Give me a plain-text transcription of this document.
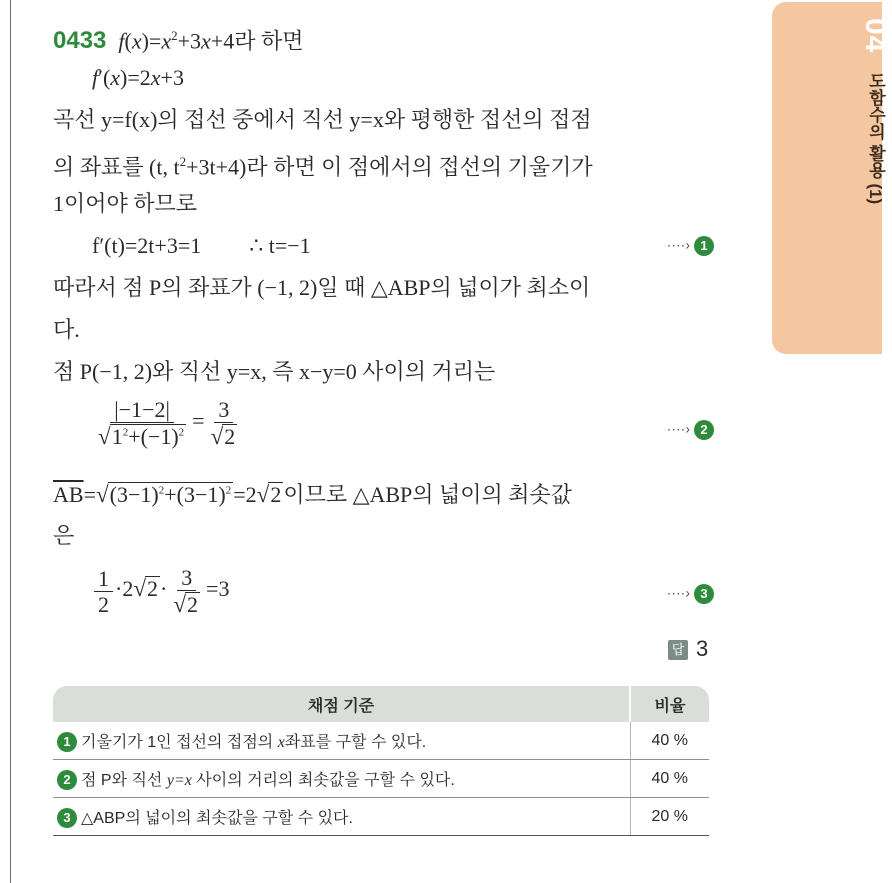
04 도함수의 활용 (1)
0433 $f(x)=x^2+3x+4$라 하면
f′(x)=2x+3
곡선 y=f(x)의 접선 중에서 직선 y=x와 평행한 접선의 접점
의 좌표를 (t, $t^2+3t+4$)라 하면 이 점에서의 접선의 기울기가
1이어야 하므로
f′(t)=2t+3=1 ∴ t=−1	····› 1
따라서 점 P의 좌표가 (−1, 2)일 때 △ABP의 넓이가 최소이
다.
점 P(−1, 2)와 직선 y=x, 즉 x−y=0 사이의 거리는
$\frac{|-1-2|}{√1^2+(-1)^2} = \frac{3}{√2}$	····› 2
$\overline{AB}=√(3-1)^2+(3-1)^2=2√2$이므로 △ABP의 넓이의 최솟값
은
$\frac{1}{2} \cdot 2√2\cdot \frac{3}{√2} =3$	····› 3
답 3
채점 기준	비율
1 기울기가 1인 접선의 접점의 x좌표를 구할 수 있다.	40 %
2 점 P와 직선 y=x 사이의 거리의 최솟값을 구할 수 있다.	40 %
3 △ABP의 넓이의 최솟값을 구할 수 있다.	20 %
